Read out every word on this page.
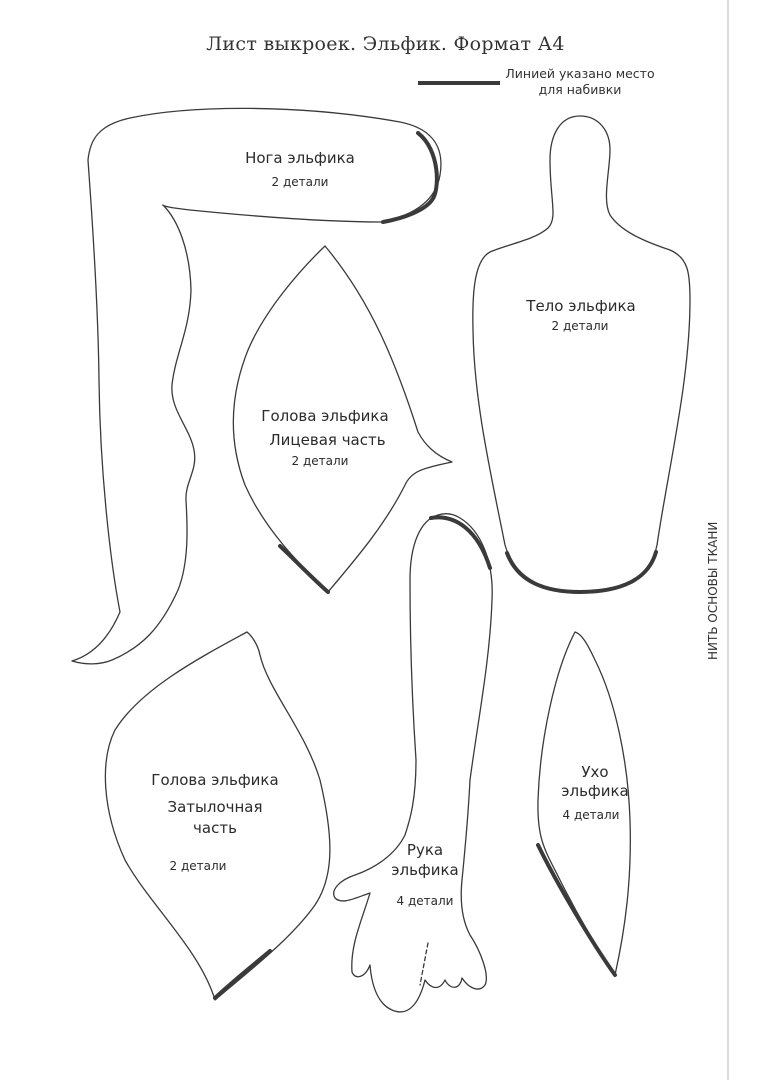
Лист выкроек. Эльфик. Формат А4
Линией указано место
для набивки
Нога эльфика
2 детали
Тело эльфика
2 детали
Голова эльфика
Лицевая часть
2 детали
Голова эльфика
Затылочная
часть
2 детали
Рука
эльфика
4 детали
Ухо
эльфика
4 детали
НИТЬ ОСНОВЫ ТКАНИ
